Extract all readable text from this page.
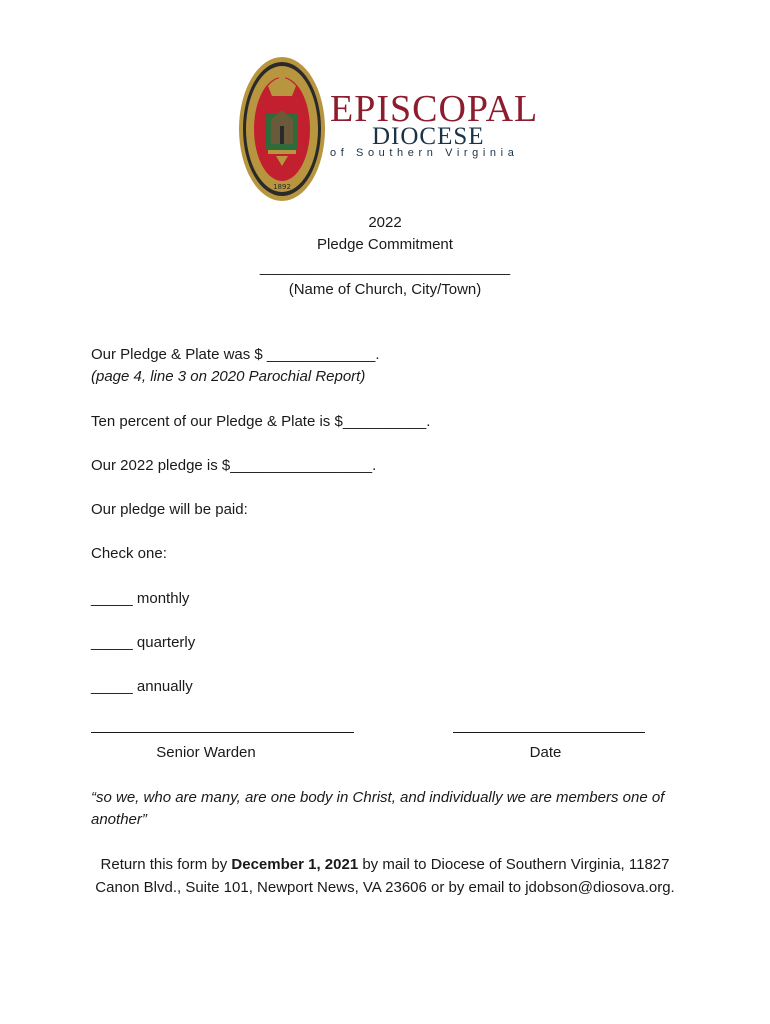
1892
EPISCOPAL
DIOCESE
of Southern Virginia
2022
Pledge Commitment
______________________________
(Name of Church, City/Town)
Our Pledge & Plate was $ _____________.
(page 4, line 3 on 2020 Parochial Report)
Ten percent of our Pledge & Plate is $__________.
Our 2022 pledge is $_________________.
Our pledge will be paid:
Check one:
_____ monthly
_____ quarterly
_____ annually
Senior Warden	Date
“so we, who are many, are one body in Christ, and individually we are members one of another”
Return this form by December 1, 2021 by mail to Diocese of Southern Virginia, 11827 Canon Blvd., Suite 101, Newport News, VA 23606 or by email to jdobson@diosova.org.
